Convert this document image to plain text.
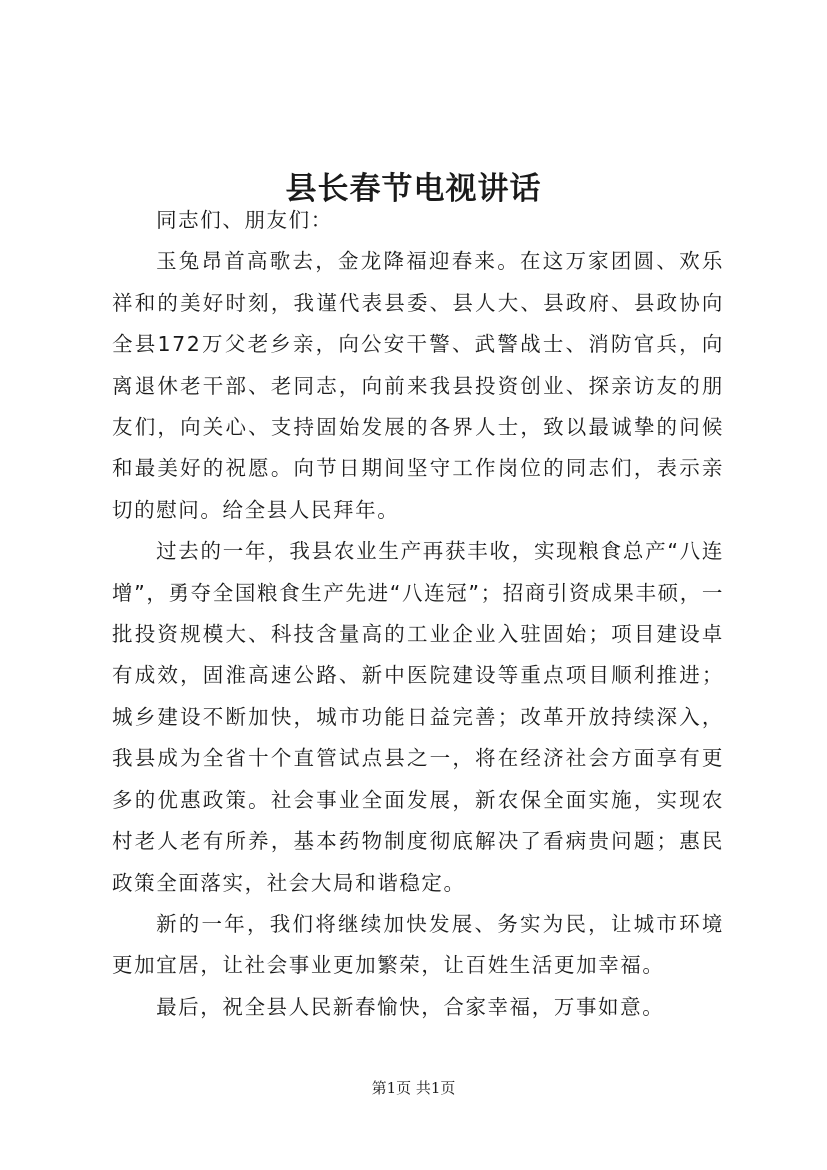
县长春节电视讲话

同志们、朋友们：

玉兔昂首高歌去，金龙降福迎春来。在这万家团圆、欢乐祥和的美好时刻，我谨代表县委、县人大、县政府、县政协向全县172万父老乡亲，向公安干警、武警战士、消防官兵，向离退休老干部、老同志，向前来我县投资创业、探亲访友的朋友们，向关心、支持固始发展的各界人士，致以最诚挚的问候和最美好的祝愿。向节日期间坚守工作岗位的同志们，表示亲切的慰问。给全县人民拜年。

过去的一年，我县农业生产再获丰收，实现粮食总产“八连增”，勇夺全国粮食生产先进“八连冠”；招商引资成果丰硕，一批投资规模大、科技含量高的工业企业入驻固始；项目建设卓有成效，固淮高速公路、新中医院建设等重点项目顺利推进；城乡建设不断加快，城市功能日益完善；改革开放持续深入，我县成为全省十个直管试点县之一，将在经济社会方面享有更多的优惠政策。社会事业全面发展，新农保全面实施，实现农村老人老有所养，基本药物制度彻底解决了看病贵问题；惠民政策全面落实，社会大局和谐稳定。

新的一年，我们将继续加快发展、务实为民，让城市环境更加宜居，让社会事业更加繁荣，让百姓生活更加幸福。

最后，祝全县人民新春愉快，合家幸福，万事如意。

第1页 共1页
